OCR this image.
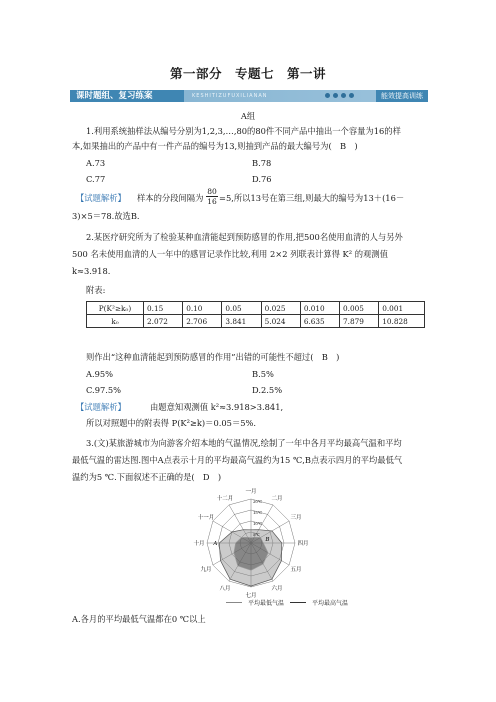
第一部分　专题七　第一讲
课时题组、复习练案	KESHITIZUFUXILIANAN	能效提高训练
A组
1.利用系统抽样法从编号分别为1,2,3,…,80的80件不同产品中抽出一个容量为16的样
本,如果抽出的产品中有一件产品的编号为13,则抽到产品的最大编号为(　B　)
A.73	B.78
C.77	D.76
【试题解析】 样本的分段间隔为 $\frac{80}{16} =5$,所以13号在第三组,则最大的编号为13＋(16－
3)×5＝78.故选B.
2.某医疗研究所为了检验某种血清能起到预防感冒的作用,把500名使用血清的人与另外
500 名未使用血清的人一年中的感冒记录作比较,利用 2×2 列联表计算得 K² 的观测值
k≈3.918.
附表:
P(K²≥k₀)	0.15	0.10	0.05	0.025	0.010	0.005	0.001
k₀	2.072	2.706	3.841	5.024	6.635	7.879	10.828
则作出“这种血清能起到预防感冒的作用”出错的可能性不超过(　B　)
A.95%	B.5%
C.97.5%	D.2.5%
【试题解析】	由题意知观测值 k²≈3.918>3.841,
所以对照题中的附表得 P(K²≥k)＝0.05＝5%.
3.(文)某旅游城市为向游客介绍本地的气温情况,绘制了一年中各月平均最高气温和平均
最低气温的雷达图.图中A点表示十月的平均最高气温约为15 ℃,B点表示四月的平均最低气
温约为5 ℃.下面叙述不正确的是(　D　)
一月
二月
三月
四月
五月
六月
七月
八月
九月
十月
十一月
十二月
5℃
10℃
15℃
20℃
A
B
平均最低气温	平均最高气温
A.各月的平均最低气温都在0 ℃以上
